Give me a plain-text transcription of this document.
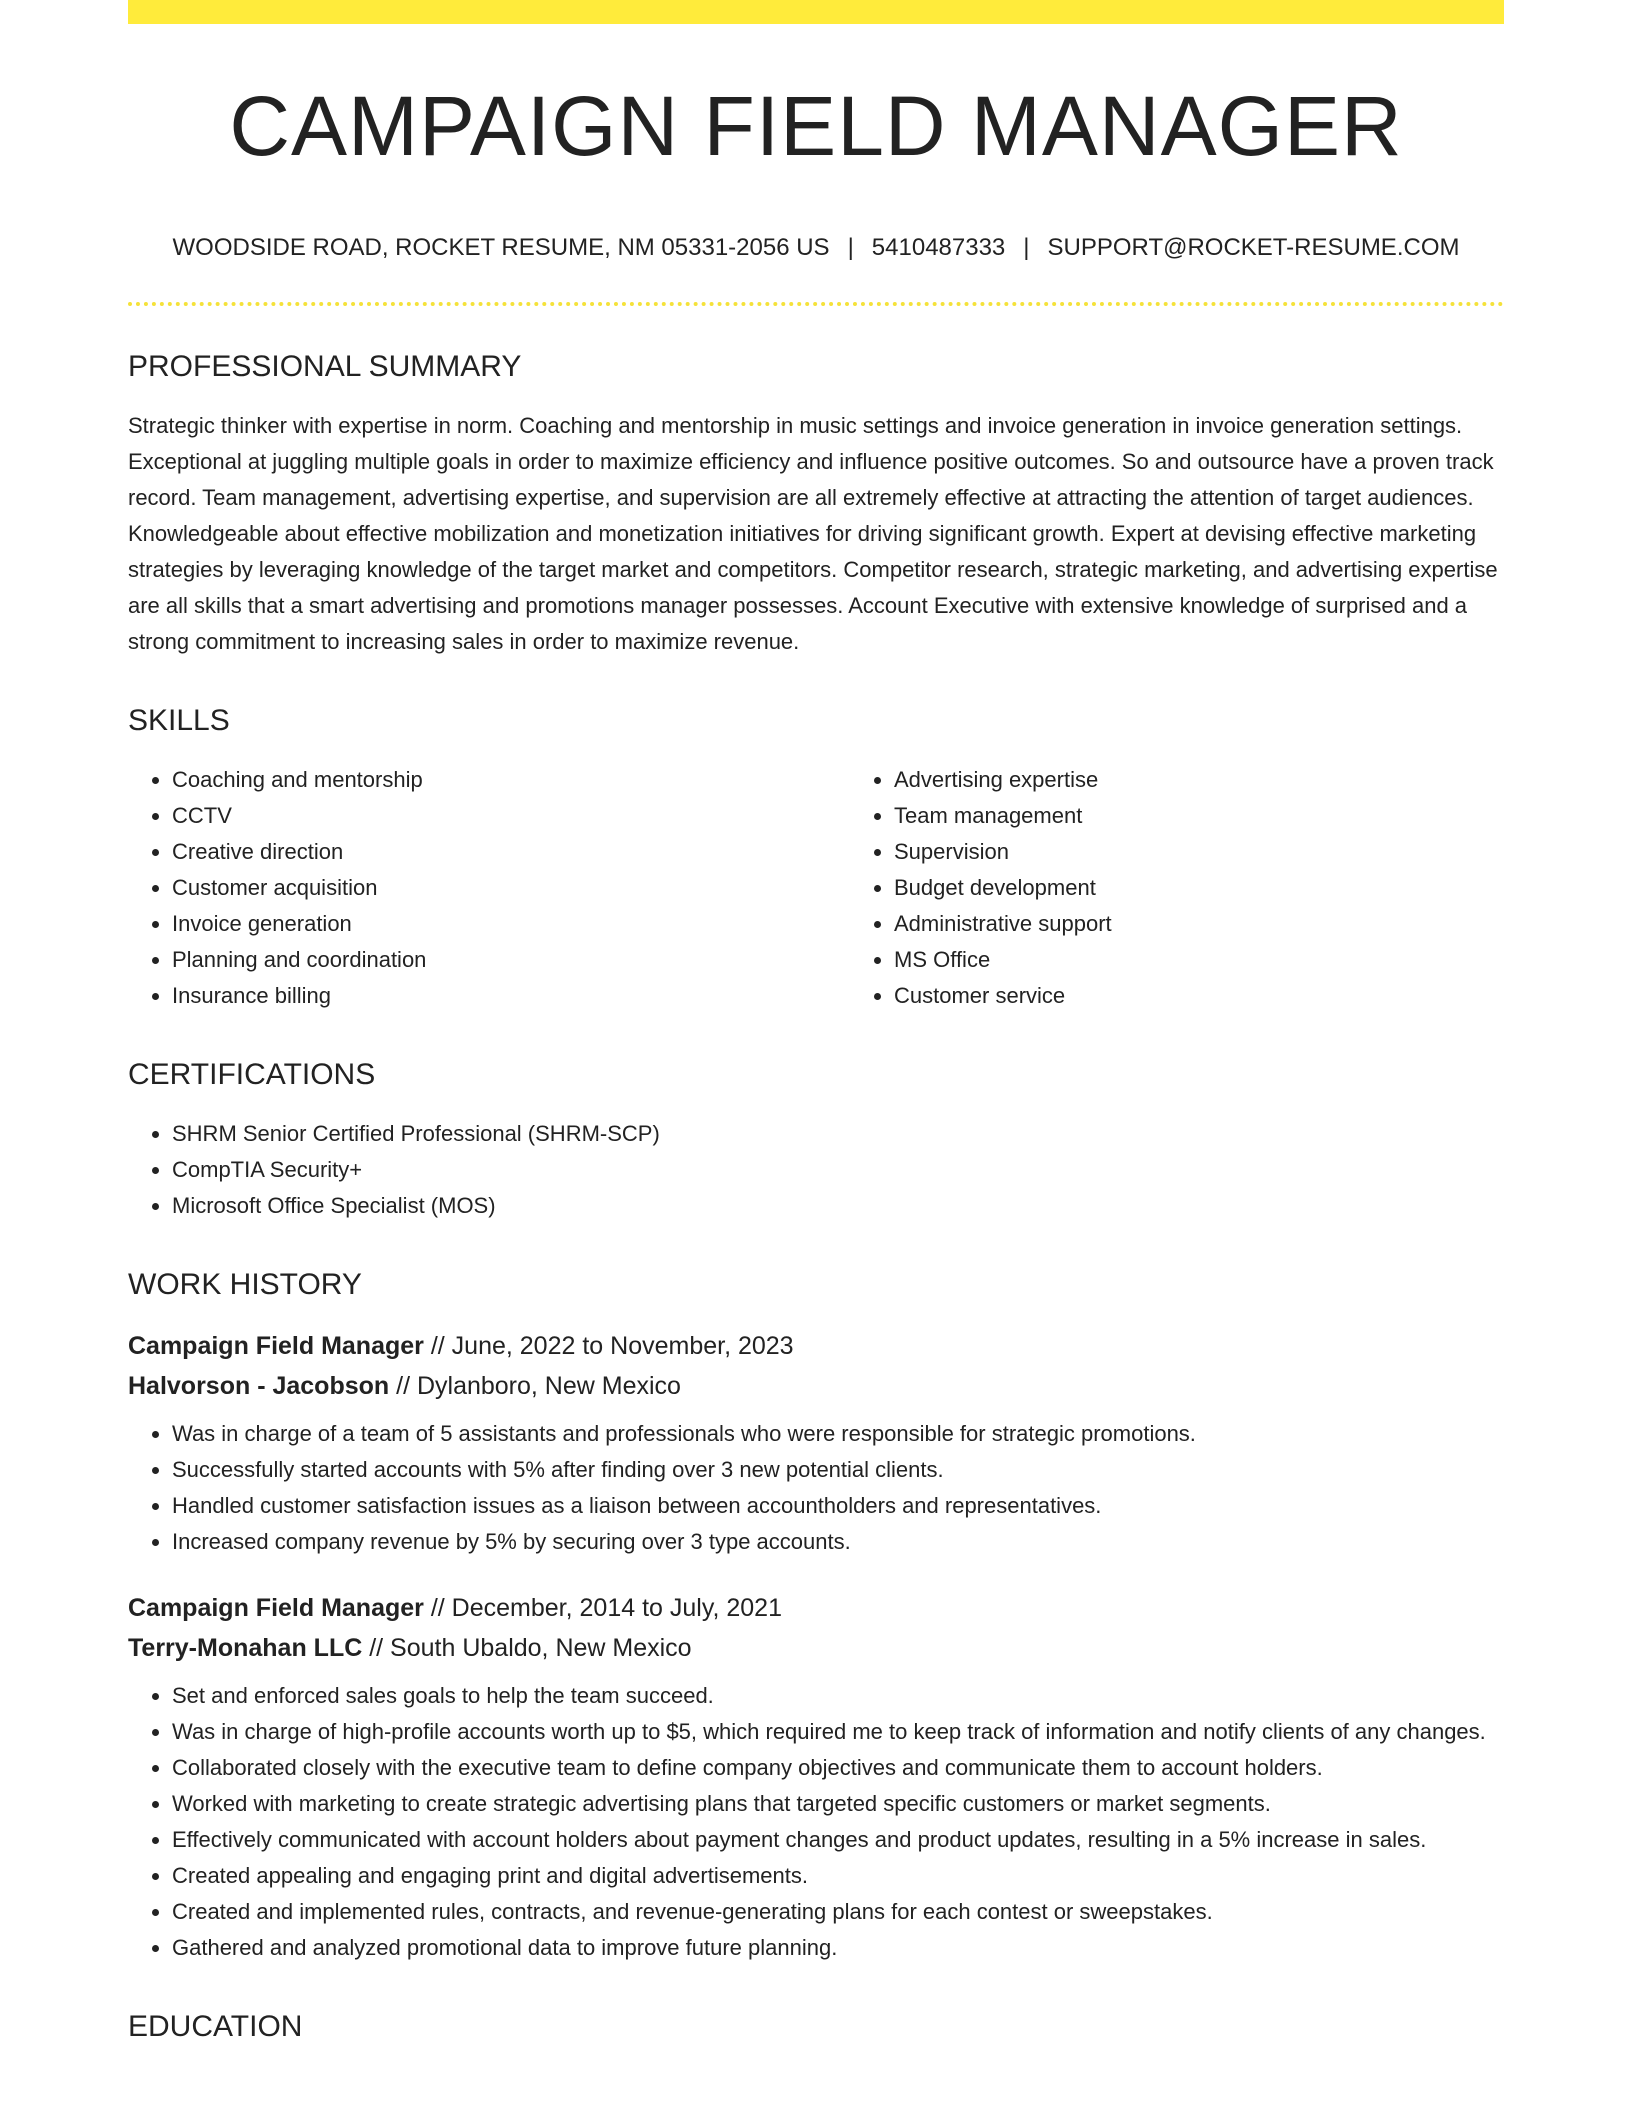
CAMPAIGN FIELD MANAGER
WOODSIDE ROAD, ROCKET RESUME, NM 05331-2056 US | 5410487333 | SUPPORT@ROCKET-RESUME.COM
PROFESSIONAL SUMMARY

Strategic thinker with expertise in norm. Coaching and mentorship in music settings and invoice generation in invoice generation settings. Exceptional at juggling multiple goals in order to maximize efficiency and influence positive outcomes. So and outsource have a proven track record. Team management, advertising expertise, and supervision are all extremely effective at attracting the attention of target audiences. Knowledgeable about effective mobilization and monetization initiatives for driving significant growth. Expert at devising effective marketing strategies by leveraging knowledge of the target market and competitors. Competitor research, strategic marketing, and advertising expertise are all skills that a smart advertising and promotions manager possesses. Account Executive with extensive knowledge of surprised and a strong commitment to increasing sales in order to maximize revenue.

SKILLS
• Coaching and mentorship
• CCTV
• Creative direction
• Customer acquisition
• Invoice generation
• Planning and coordination
• Insurance billing
• Advertising expertise
• Team management
• Supervision
• Budget development
• Administrative support
• MS Office
• Customer service
CERTIFICATIONS
• SHRM Senior Certified Professional (SHRM-SCP)
• CompTIA Security+
• Microsoft Office Specialist (MOS)
WORK HISTORY
Campaign Field Manager // June, 2022 to November, 2023
Halvorson - Jacobson // Dylanboro, New Mexico
• Was in charge of a team of 5 assistants and professionals who were responsible for strategic promotions.
• Successfully started accounts with 5% after finding over 3 new potential clients.
• Handled customer satisfaction issues as a liaison between accountholders and representatives.
• Increased company revenue by 5% by securing over 3 type accounts.
Campaign Field Manager // December, 2014 to July, 2021
Terry-Monahan LLC // South Ubaldo, New Mexico
• Set and enforced sales goals to help the team succeed.
• Was in charge of high-profile accounts worth up to $5, which required me to keep track of information and notify clients of any changes.
• Collaborated closely with the executive team to define company objectives and communicate them to account holders.
• Worked with marketing to create strategic advertising plans that targeted specific customers or market segments.
• Effectively communicated with account holders about payment changes and product updates, resulting in a 5% increase in sales.
• Created appealing and engaging print and digital advertisements.
• Created and implemented rules, contracts, and revenue-generating plans for each contest or sweepstakes.
• Gathered and analyzed promotional data to improve future planning.
EDUCATION
